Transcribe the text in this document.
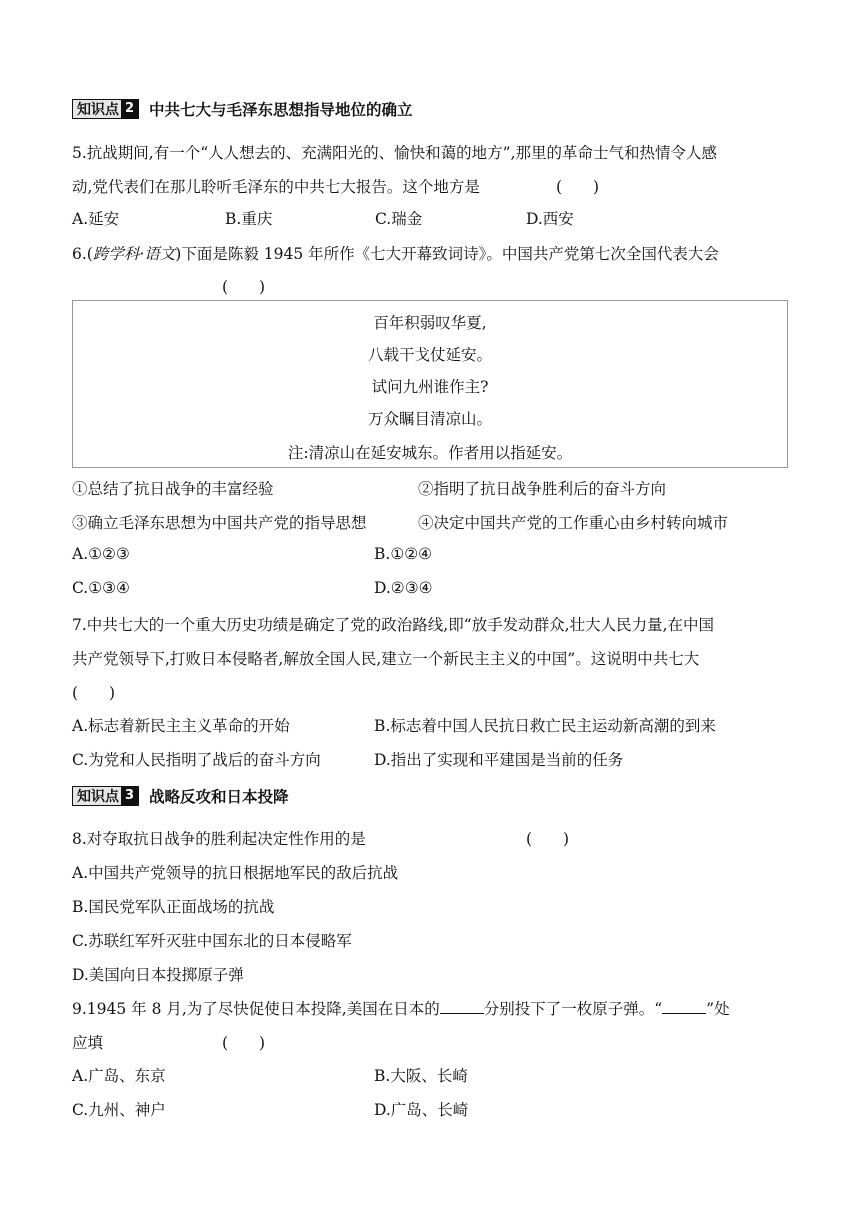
知识点 2 中共七大与毛泽东思想指导地位的确立
5.抗战期间,有一个“人人想去的、充满阳光的、愉快和蔼的地方”,那里的革命士气和热情令人感
动,党代表们在那儿聆听毛泽东的中共七大报告。这个地方是	(　　)
A.延安	B.重庆	C.瑞金	D.西安
6.(跨学科·语文)下面是陈毅 1945 年所作《七大开幕致词诗》。中国共产党第七次全国代表大会
(　　)
百年积弱叹华夏,
八载干戈仗延安。
试问九州谁作主?
万众瞩目清凉山。
注:清凉山在延安城东。作者用以指延安。
①总结了抗日战争的丰富经验	②指明了抗日战争胜利后的奋斗方向
③确立毛泽东思想为中国共产党的指导思想	④决定中国共产党的工作重心由乡村转向城市
A.①②③	B.①②④
C.①③④	D.②③④
7.中共七大的一个重大历史功绩是确定了党的政治路线,即“放手发动群众,壮大人民力量,在中国
共产党领导下,打败日本侵略者,解放全国人民,建立一个新民主主义的中国”。这说明中共七大
(　　)
A.标志着新民主主义革命的开始	B.标志着中国人民抗日救亡民主运动新高潮的到来
C.为党和人民指明了战后的奋斗方向	D.指出了实现和平建国是当前的任务
知识点 3 战略反攻和日本投降
8.对夺取抗日战争的胜利起决定性作用的是	(　　)
A.中国共产党领导的抗日根据地军民的敌后抗战
B.国民党军队正面战场的抗战
C.苏联红军歼灭驻中国东北的日本侵略军
D.美国向日本投掷原子弹
9.1945 年 8 月,为了尽快促使日本投降,美国在日本的	分别投下了一枚原子弹。“	”处
应填	(　　)
A.广岛、东京	B.大阪、长崎
C.九州、神户	D.广岛、长崎
